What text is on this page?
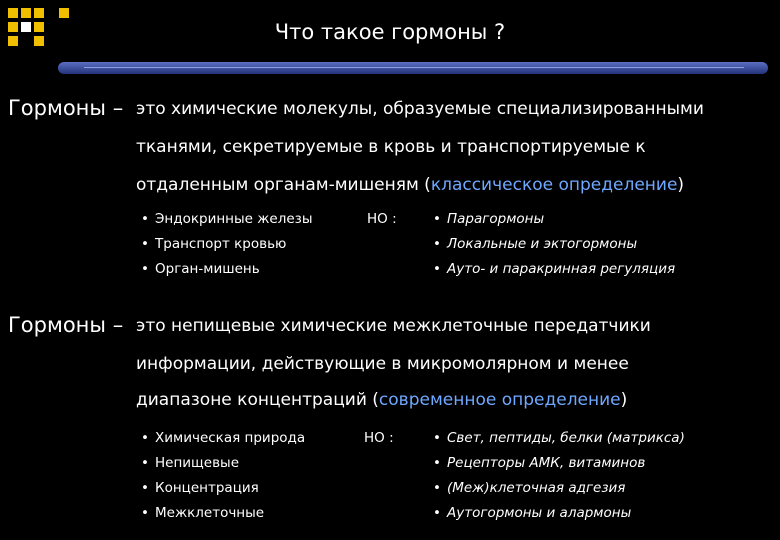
Что такое гормоны ?
Гормоны – это химические молекулы, образуемые специализированными
тканями, секретируемые в кровь и транспортируемые к
отдаленным органам-мишеням (классическое определение)
• Эндокринные железы
• Транспорт кровью
• Орган-мишень
НО :	• Парагормоны
• Локальные и эктогормоны
• Ауто- и паракринная регуляция
Гормоны – это непищевые химические межклеточные передатчики
информации, действующие в микромолярном и менее
диапазоне концентраций (современное определение)
• Химическая природа
• Непищевые
• Концентрация
• Межклеточные
НО :	• Свет, пептиды, белки (матрикса)
• Рецепторы АМК, витаминов
• (Меж)клеточная адгезия
• Аутогормоны и алармоны
